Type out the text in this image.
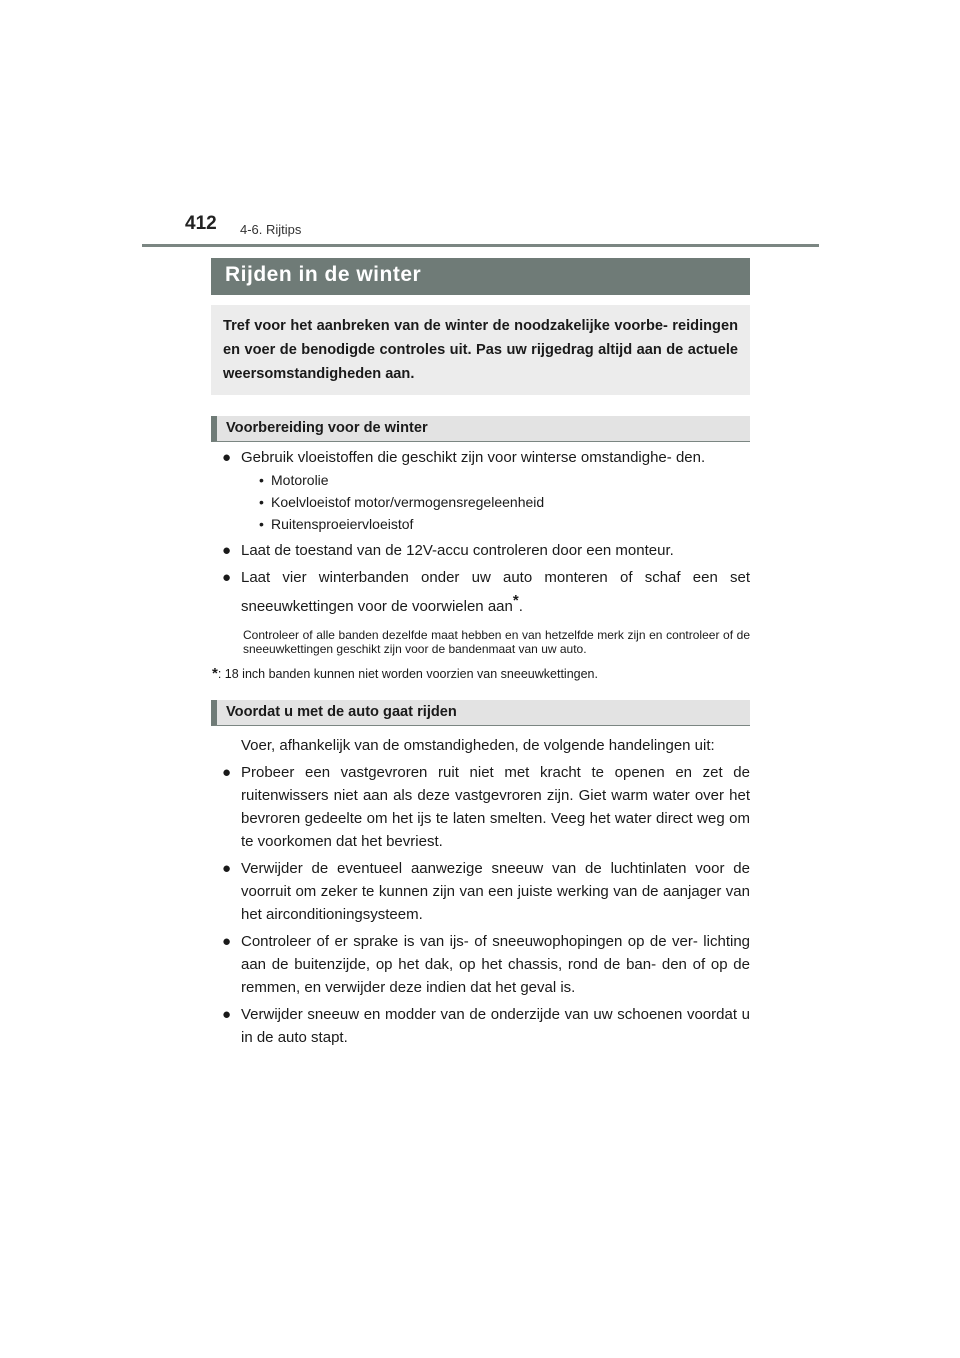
412 4-6. Rijtips
Rijden in de winter
Tref voor het aanbreken van de winter de noodzakelijke voorbe- reidingen en voer de benodigde controles uit. Pas uw rijgedrag altijd aan de actuele weersomstandigheden aan.
Voorbereiding voor de winter
● Gebruik vloeistoffen die geschikt zijn voor winterse omstandighe- den.
• Motorolie
• Koelvloeistof motor/vermogensregeleenheid
• Ruitensproeiervloeistof
● Laat de toestand van de 12V-accu controleren door een monteur.
● Laat vier winterbanden onder uw auto monteren of schaf een set sneeuwkettingen voor de voorwielen aan*.
Controleer of alle banden dezelfde maat hebben en van hetzelfde merk zijn en controleer of de sneeuwkettingen geschikt zijn voor de bandenmaat van uw auto.
*: 18 inch banden kunnen niet worden voorzien van sneeuwkettingen.
Voordat u met de auto gaat rijden
Voer, afhankelijk van de omstandigheden, de volgende handelingen uit:
● Probeer een vastgevroren ruit niet met kracht te openen en zet de ruitenwissers niet aan als deze vastgevroren zijn. Giet warm water over het bevroren gedeelte om het ijs te laten smelten. Veeg het water direct weg om te voorkomen dat het bevriest.
● Verwijder de eventueel aanwezige sneeuw van de luchtinlaten voor de voorruit om zeker te kunnen zijn van een juiste werking van de aanjager van het airconditioningsysteem.
● Controleer of er sprake is van ijs- of sneeuwophopingen op de ver- lichting aan de buitenzijde, op het dak, op het chassis, rond de ban- den of op de remmen, en verwijder deze indien dat het geval is.
● Verwijder sneeuw en modder van de onderzijde van uw schoenen voordat u in de auto stapt.
